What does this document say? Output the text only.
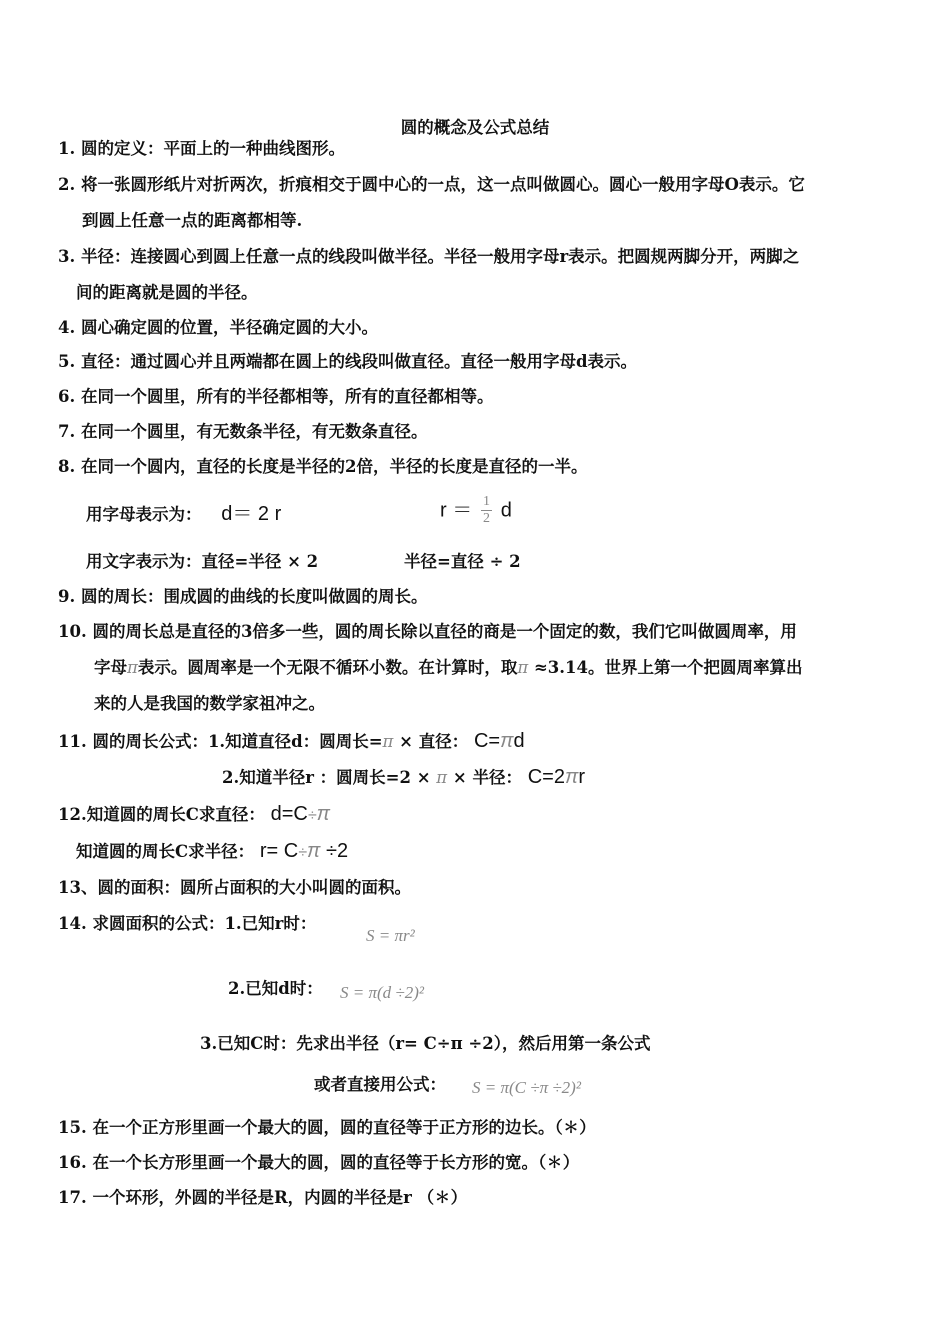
圆的概念及公式总结
1. 圆的定义：平面上的一种曲线图形。
2. 将一张圆形纸片对折两次，折痕相交于圆中心的一点，这一点叫做圆心。圆心一般用字母O表示。它
到圆上任意一点的距离都相等.
3. 半径：连接圆心到圆上任意一点的线段叫做半径。半径一般用字母r表示。把圆规两脚分开，两脚之
间的距离就是圆的半径。
4. 圆心确定圆的位置，半径确定圆的大小。
5. 直径：通过圆心并且两端都在圆上的线段叫做直径。直径一般用字母d表示。
6. 在同一个圆里，所有的半径都相等，所有的直径都相等。
7. 在同一个圆里，有无数条半径，有无数条直径。
8. 在同一个圆内，直径的长度是半径的2倍，半径的长度是直径的一半。
用字母表示为： d＝ 2 r	$r = \frac{1}{2}$ d
用文字表示为：直径=半径 × 2	半径=直径 ÷ 2
9. 圆的周长：围成圆的曲线的长度叫做圆的周长。
10. 圆的周长总是直径的3倍多一些，圆的周长除以直径的商是一个固定的数，我们它叫做圆周率，用
字母π表示。圆周率是一个无限不循环小数。在计算时，取π ≈3.14。世界上第一个把圆周率算出
来的人是我国的数学家祖冲之。
11. 圆的周长公式：1.知道直径d：圆周长=π × 直径： C=πd
2.知道半径r ：圆周长=2 × π × 半径： C=2πr
12.知道圆的周长C求直径： d=C÷π
知道圆的周长C求半径： r= C÷π ÷2
13、圆的面积：圆所占面积的大小叫圆的面积。
14. 求圆面积的公式：1.已知r时：
S = πr²
2.已知d时： S = π(d ÷2)²
3.已知C时：先求出半径（r= C÷π ÷2），然后用第一条公式
或者直接用公式： S = π(C ÷π ÷2)²
15. 在一个正方形里画一个最大的圆，圆的直径等于正方形的边长。（✽）
16. 在一个长方形里画一个最大的圆，圆的直径等于长方形的宽。（✽）
17. 一个环形，外圆的半径是R，内圆的半径是r （✽）
